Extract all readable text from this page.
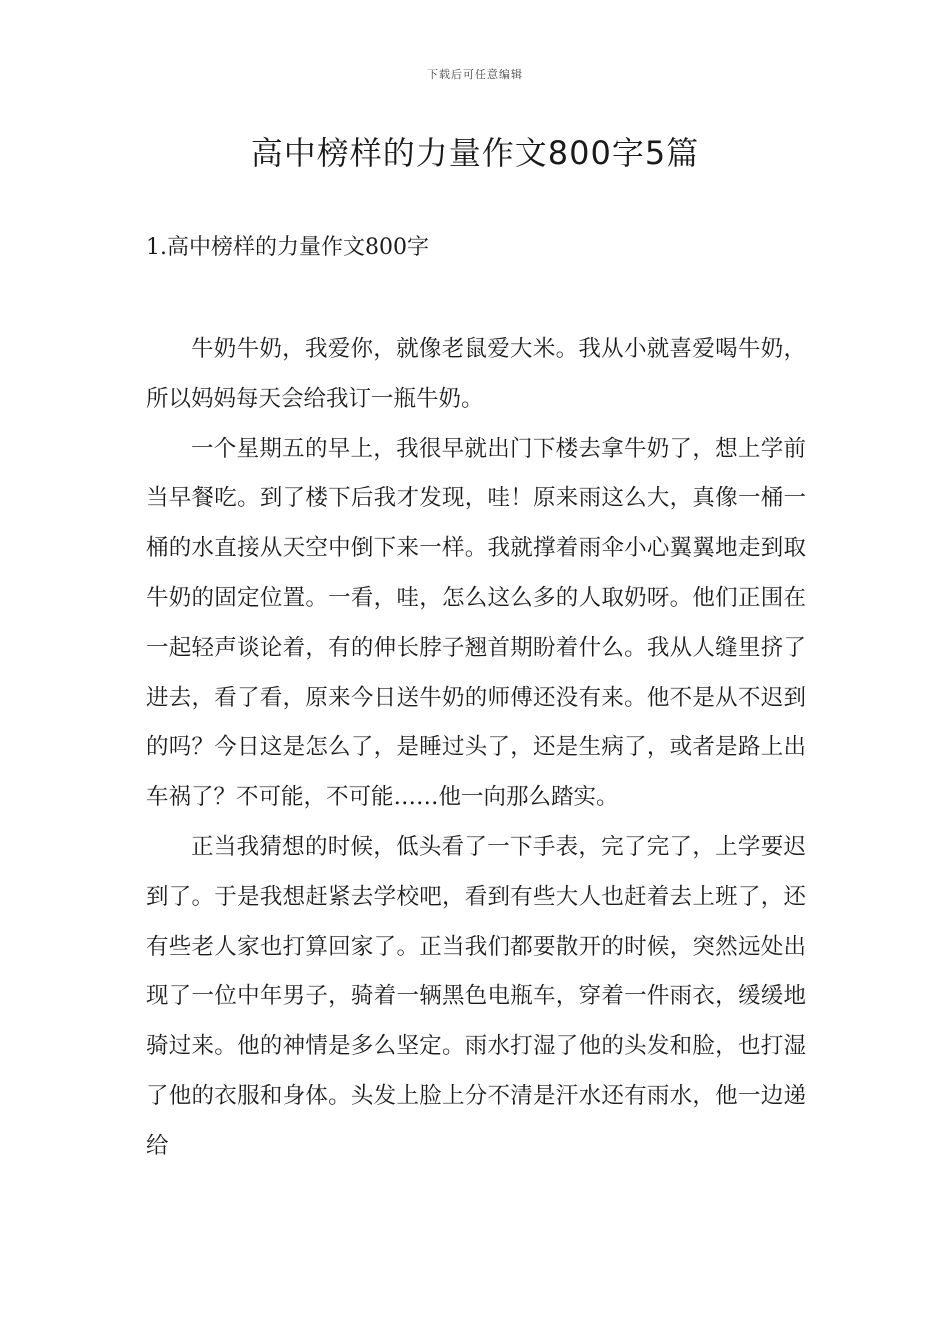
下载后可任意编辑
高中榜样的力量作文800字5篇
1.高中榜样的力量作文800字

牛奶牛奶，我爱你，就像老鼠爱大米。我从小就喜爱喝牛奶，所以妈妈每天会给我订一瓶牛奶。

一个星期五的早上，我很早就出门下楼去拿牛奶了，想上学前当早餐吃。到了楼下后我才发现，哇！原来雨这么大，真像一桶一桶的水直接从天空中倒下来一样。我就撑着雨伞小心翼翼地走到取牛奶的固定位置。一看，哇，怎么这么多的人取奶呀。他们正围在一起轻声谈论着，有的伸长脖子翘首期盼着什么。我从人缝里挤了进去，看了看，原来今日送牛奶的师傅还没有来。他不是从不迟到的吗？今日这是怎么了，是睡过头了，还是生病了，或者是路上出车祸了？不可能，不可能……他一向那么踏实。

正当我猜想的时候，低头看了一下手表，完了完了，上学要迟到了。于是我想赶紧去学校吧，看到有些大人也赶着去上班了，还有些老人家也打算回家了。正当我们都要散开的时候，突然远处出现了一位中年男子，骑着一辆黑色电瓶车，穿着一件雨衣，缓缓地骑过来。他的神情是多么坚定。雨水打湿了他的头发和脸，也打湿了他的衣服和身体。头发上脸上分不清是汗水还有雨水，他一边递给
